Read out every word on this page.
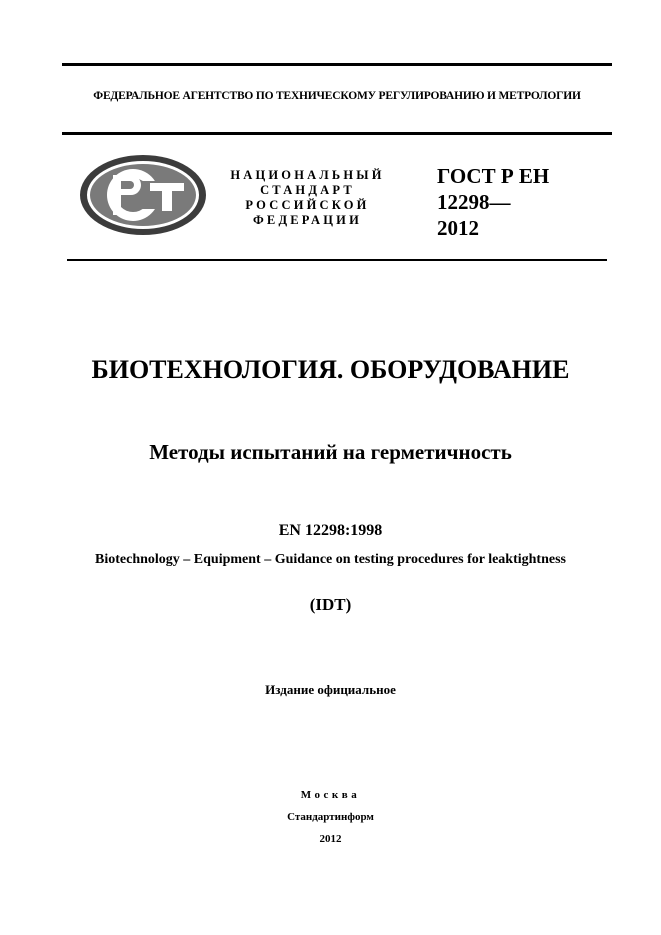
ФЕДЕРАЛЬНОЕ АГЕНТСТВО ПО ТЕХНИЧЕСКОМУ РЕГУЛИРОВАНИЮ И МЕТРОЛОГИИ
НАЦИОНАЛЬНЫЙ
СТАНДАРТ
РОССИЙСКОЙ
ФЕДЕРАЦИИ
ГОСТ Р ЕН
12298—
2012
БИОТЕХНОЛОГИЯ. ОБОРУДОВАНИЕ
Методы испытаний на герметичность
EN 12298:1998
Biotechnology – Equipment – Guidance on testing procedures for leaktightness
(IDT)
Издание официальное
Москва
Стандартинформ
2012
